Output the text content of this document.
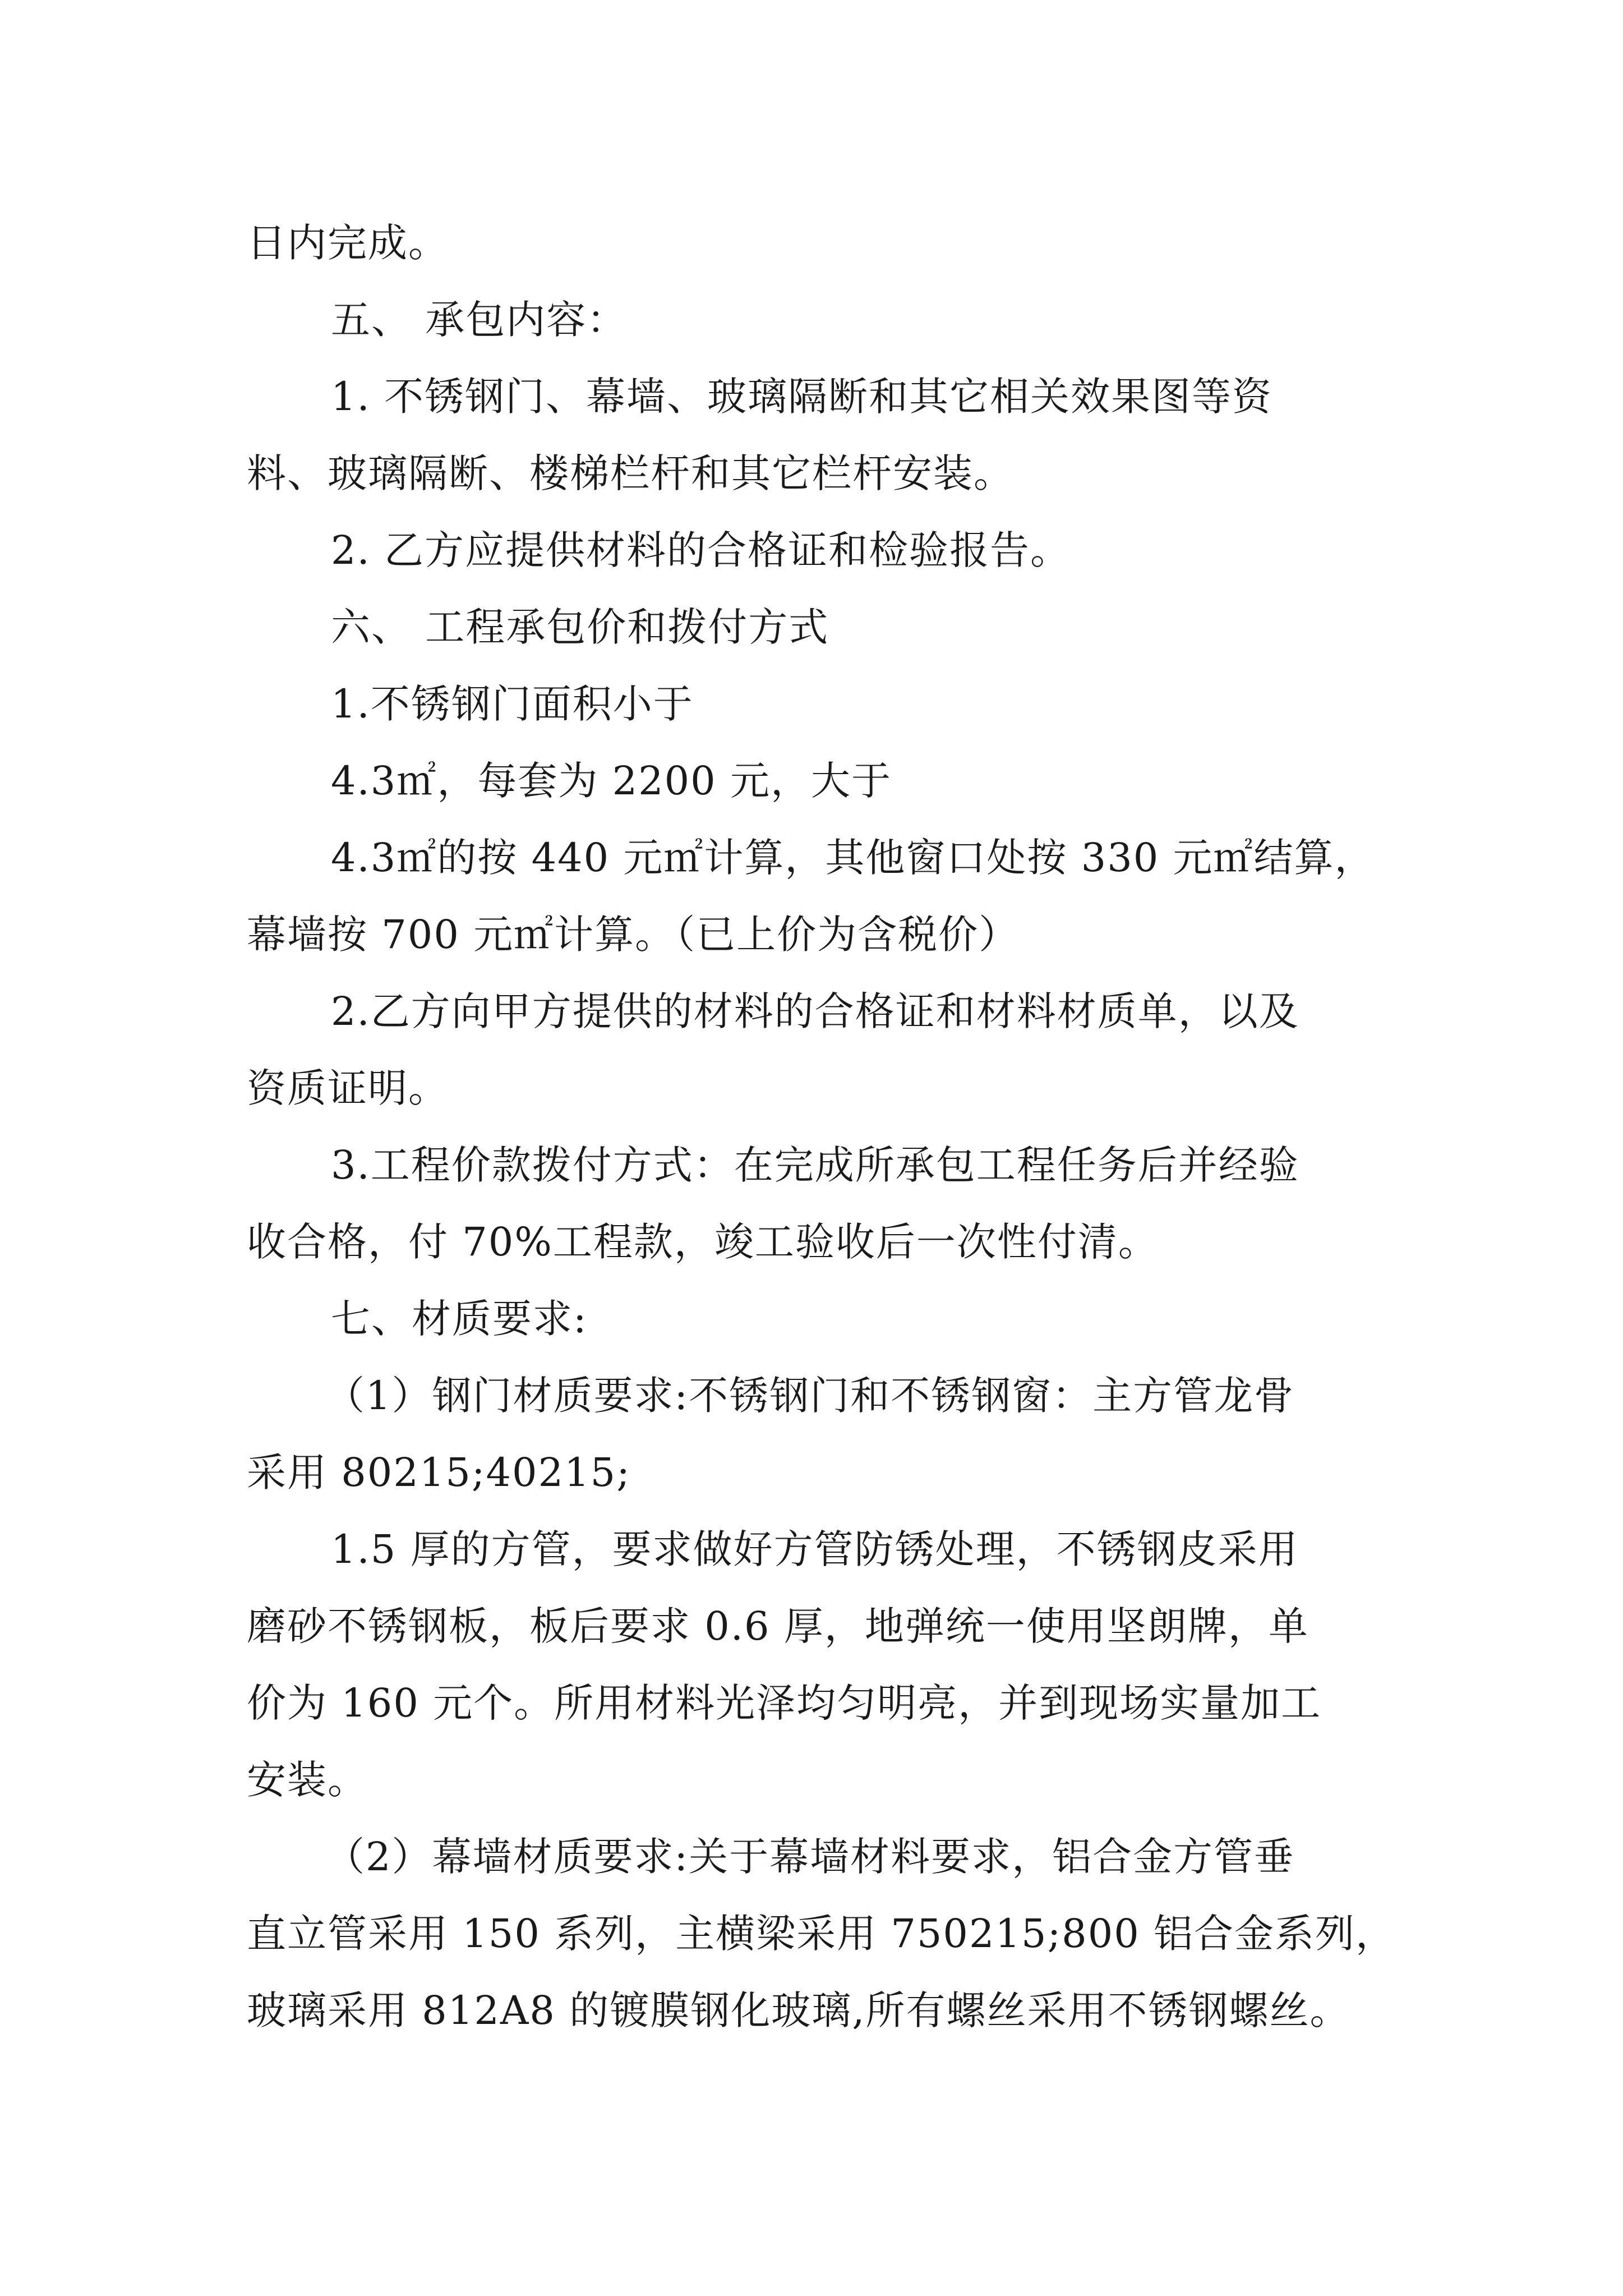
日内完成。
五、 承包内容：
1. 不锈钢门、幕墙、玻璃隔断和其它相关效果图等资
料、玻璃隔断、楼梯栏杆和其它栏杆安装。
2. 乙方应提供材料的合格证和检验报告。
六、 工程承包价和拨付方式
1.不锈钢门面积小于
4.3㎡，每套为 2200 元，大于
4.3㎡的按 440 元㎡计算，其他窗口处按 330 元㎡结算，
幕墙按 700 元㎡计算。（已上价为含税价）
2.乙方向甲方提供的材料的合格证和材料材质单，以及
资质证明。
3.工程价款拨付方式：在完成所承包工程任务后并经验
收合格，付 70%工程款，竣工验收后一次性付清。
七、材质要求:
（1）钢门材质要求:不锈钢门和不锈钢窗：主方管龙骨
采用 80215;40215;
1.5 厚的方管，要求做好方管防锈处理，不锈钢皮采用
磨砂不锈钢板，板后要求 0.6 厚，地弹统一使用坚朗牌，单
价为 160 元个。所用材料光泽均匀明亮，并到现场实量加工
安装。
（2）幕墙材质要求:关于幕墙材料要求，铝合金方管垂
直立管采用 150 系列，主横梁采用 750215;800 铝合金系列，
玻璃采用 812A8 的镀膜钢化玻璃,所有螺丝采用不锈钢螺丝。
